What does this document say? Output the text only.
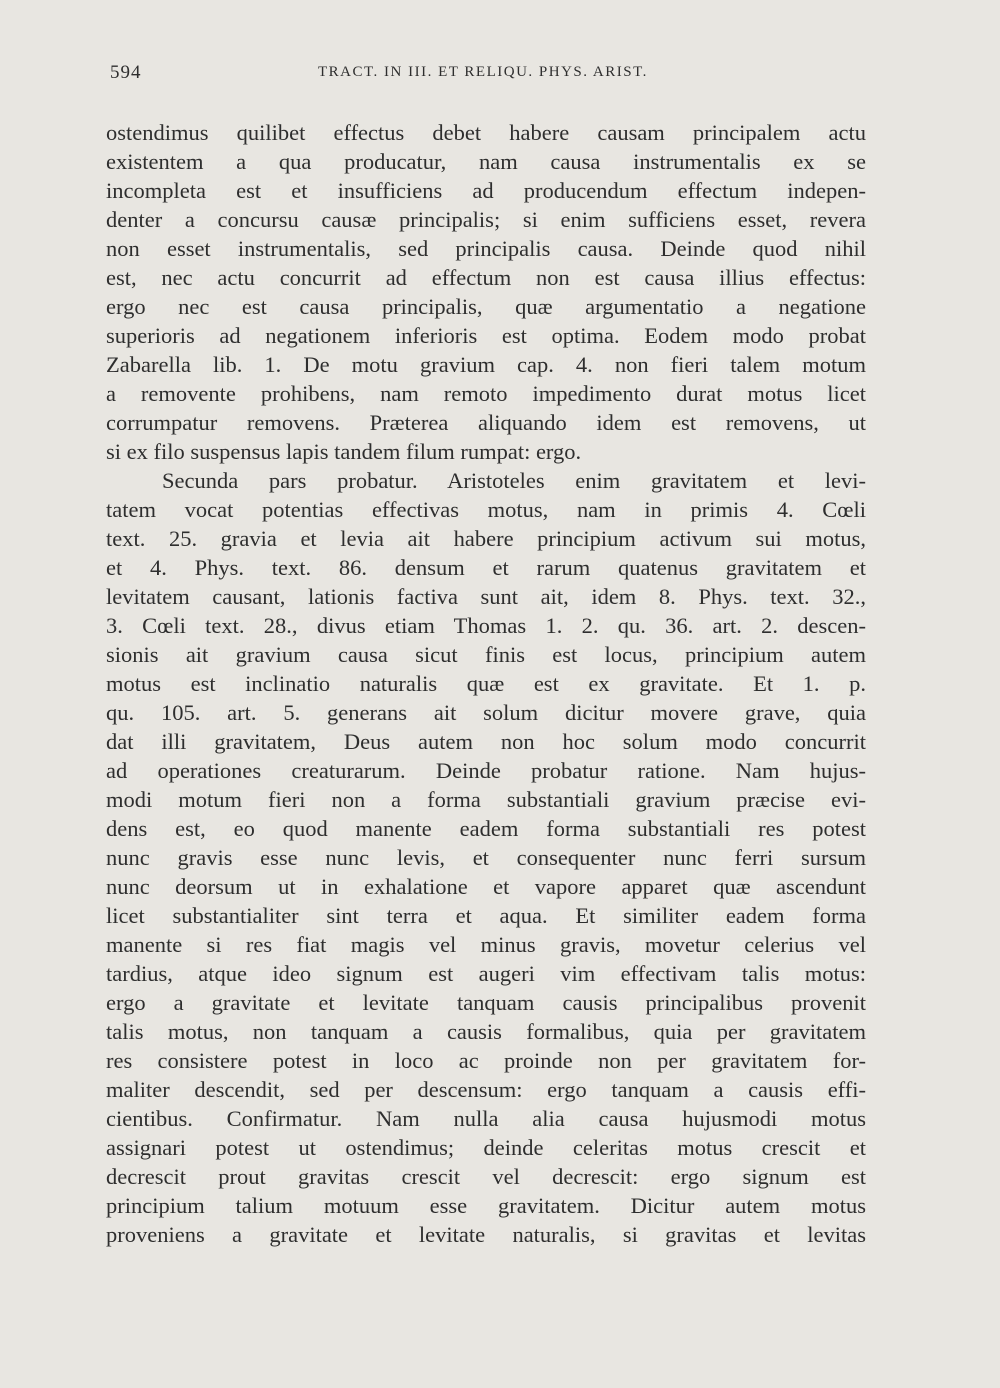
594	TRACT. IN III. ET RELIQU. PHYS. ARIST.
ostendimus quilibet effectus debet habere causam principalem actu
existentem a qua producatur, nam causa instrumentalis ex se
incompleta est et insufficiens ad producendum effectum indepen-
denter a concursu causæ principalis; si enim sufficiens esset, revera
non esset instrumentalis, sed principalis causa. Deinde quod nihil
est, nec actu concurrit ad effectum non est causa illius effectus:
ergo nec est causa principalis, quæ argumentatio a negatione
superioris ad negationem inferioris est optima. Eodem modo probat
Zabarella lib. 1. De motu gravium cap. 4. non fieri talem motum
a removente prohibens, nam remoto impedimento durat motus licet
corrumpatur removens. Præterea aliquando idem est removens, ut
si ex filo suspensus lapis tandem filum rumpat: ergo.
Secunda pars probatur. Aristoteles enim gravitatem et levi-
tatem vocat potentias effectivas motus, nam in primis 4. Cœli
text. 25. gravia et levia ait habere principium activum sui motus,
et 4. Phys. text. 86. densum et rarum quatenus gravitatem et
levitatem causant, lationis factiva sunt ait, idem 8. Phys. text. 32.,
3. Cœli text. 28., divus etiam Thomas 1. 2. qu. 36. art. 2. descen-
sionis ait gravium causa sicut finis est locus, principium autem
motus est inclinatio naturalis quæ est ex gravitate. Et 1. p.
qu. 105. art. 5. generans ait solum dicitur movere grave, quia
dat illi gravitatem, Deus autem non hoc solum modo concurrit
ad operationes creaturarum. Deinde probatur ratione. Nam hujus-
modi motum fieri non a forma substantiali gravium præcise evi-
dens est, eo quod manente eadem forma substantiali res potest
nunc gravis esse nunc levis, et consequenter nunc ferri sursum
nunc deorsum ut in exhalatione et vapore apparet quæ ascendunt
licet substantialiter sint terra et aqua. Et similiter eadem forma
manente si res fiat magis vel minus gravis, movetur celerius vel
tardius, atque ideo signum est augeri vim effectivam talis motus:
ergo a gravitate et levitate tanquam causis principalibus provenit
talis motus, non tanquam a causis formalibus, quia per gravitatem
res consistere potest in loco ac proinde non per gravitatem for-
maliter descendit, sed per descensum: ergo tanquam a causis effi-
cientibus. Confirmatur. Nam nulla alia causa hujusmodi motus
assignari potest ut ostendimus; deinde celeritas motus crescit et
decrescit prout gravitas crescit vel decrescit: ergo signum est
principium talium motuum esse gravitatem. Dicitur autem motus
proveniens a gravitate et levitate naturalis, si gravitas et levitas
